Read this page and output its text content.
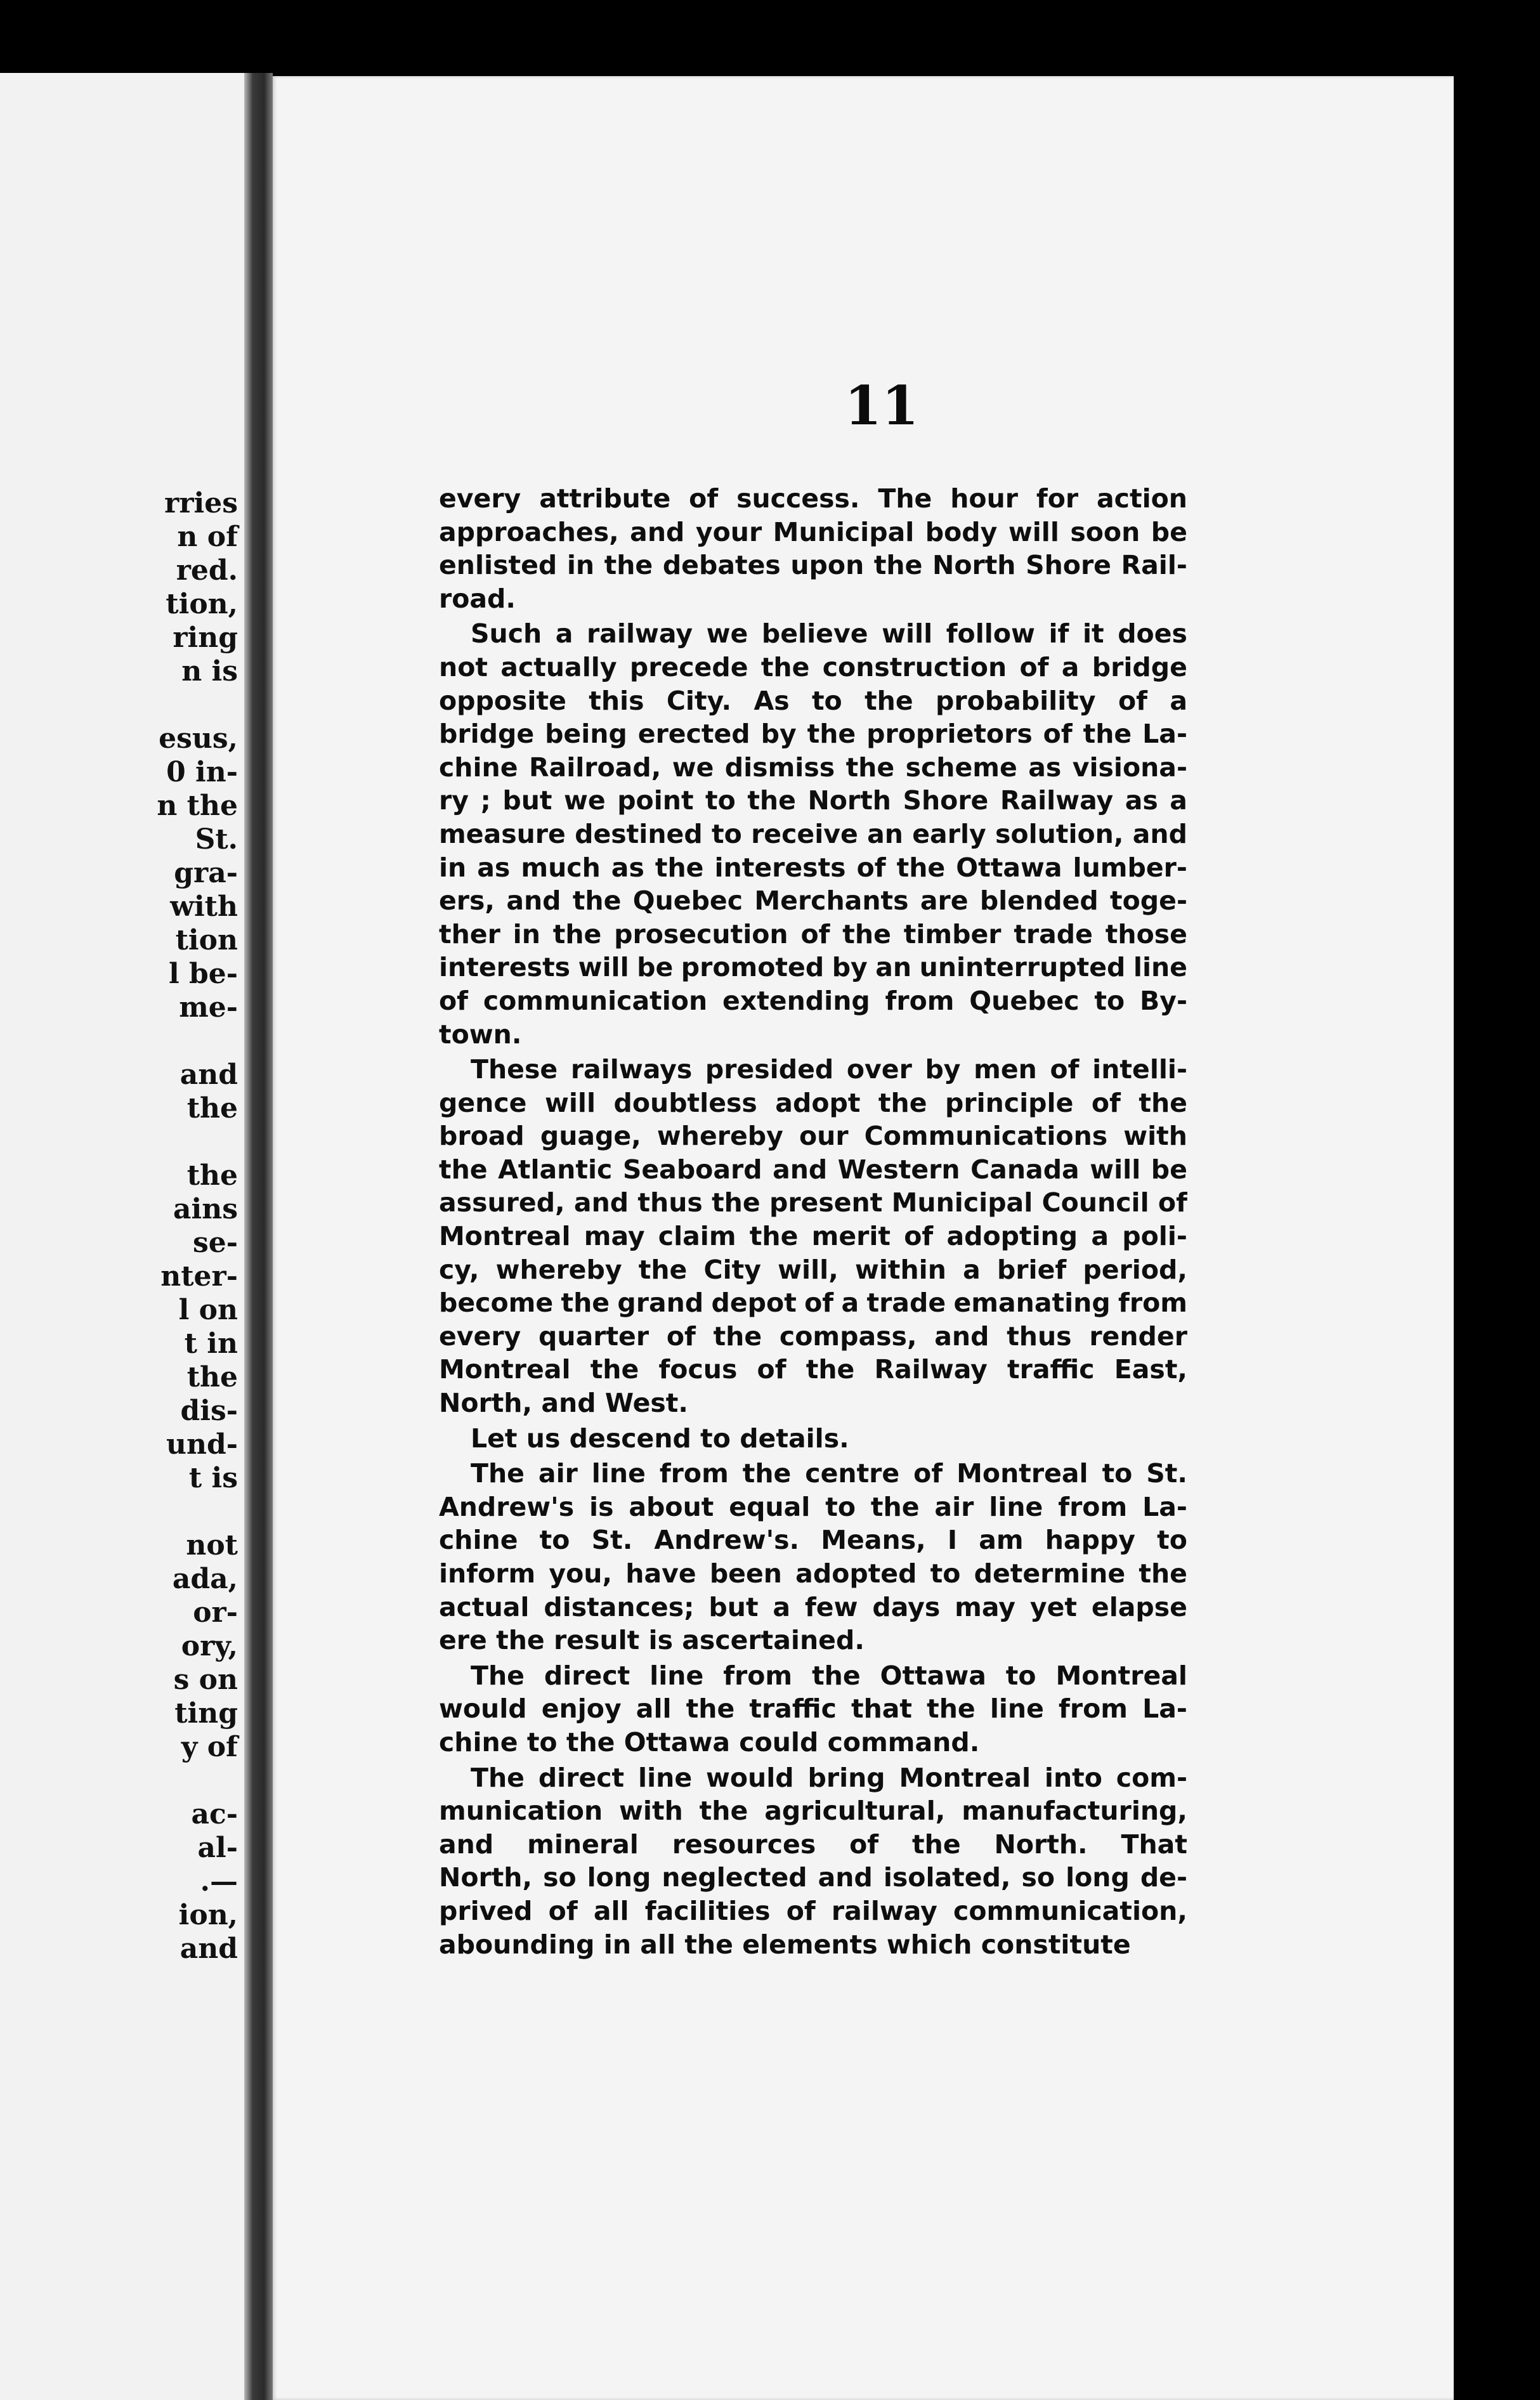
rries
n of
red.
tion,
ring
n is
esus,
0 in-
n the
St.
gra-
with
tion
l be-
me-
and
the
the
ains
se-
nter-
l on
t in
the
dis-
und-
t is
not
ada,
or-
ory,
s on
ting
y of
ac-
al-
.—
ion,
and
11
every attribute of success. The hour for action
approaches, and your Municipal body will soon be
enlisted in the debates upon the North Shore Rail-
road.
Such a railway we believe will follow if it does
not actually precede the construction of a bridge
opposite this City. As to the probability of a
bridge being erected by the proprietors of the La-
chine Railroad, we dismiss the scheme as visiona-
ry ; but we point to the North Shore Railway as a
measure destined to receive an early solution, and
in as much as the interests of the Ottawa lumber-
ers, and the Quebec Merchants are blended toge-
ther in the prosecution of the timber trade those
interests will be promoted by an uninterrupted line
of communication extending from Quebec to By-
town.
These railways presided over by men of intelli-
gence will doubtless adopt the principle of the
broad guage, whereby our Communications with
the Atlantic Seaboard and Western Canada will be
assured, and thus the present Municipal Council of
Montreal may claim the merit of adopting a poli-
cy, whereby the City will, within a brief period,
become the grand depot of a trade emanating from
every quarter of the compass, and thus render
Montreal the focus of the Railway traffic East,
North, and West.
Let us descend to details.
The air line from the centre of Montreal to St.
Andrew's is about equal to the air line from La-
chine to St. Andrew's. Means, I am happy to
inform you, have been adopted to determine the
actual distances; but a few days may yet elapse
ere the result is ascertained.
The direct line from the Ottawa to Montreal
would enjoy all the traffic that the line from La-
chine to the Ottawa could command.
The direct line would bring Montreal into com-
munication with the agricultural, manufacturing,
and mineral resources of the North. That
North, so long neglected and isolated, so long de-
prived of all facilities of railway communication,
abounding in all the elements which constitute
